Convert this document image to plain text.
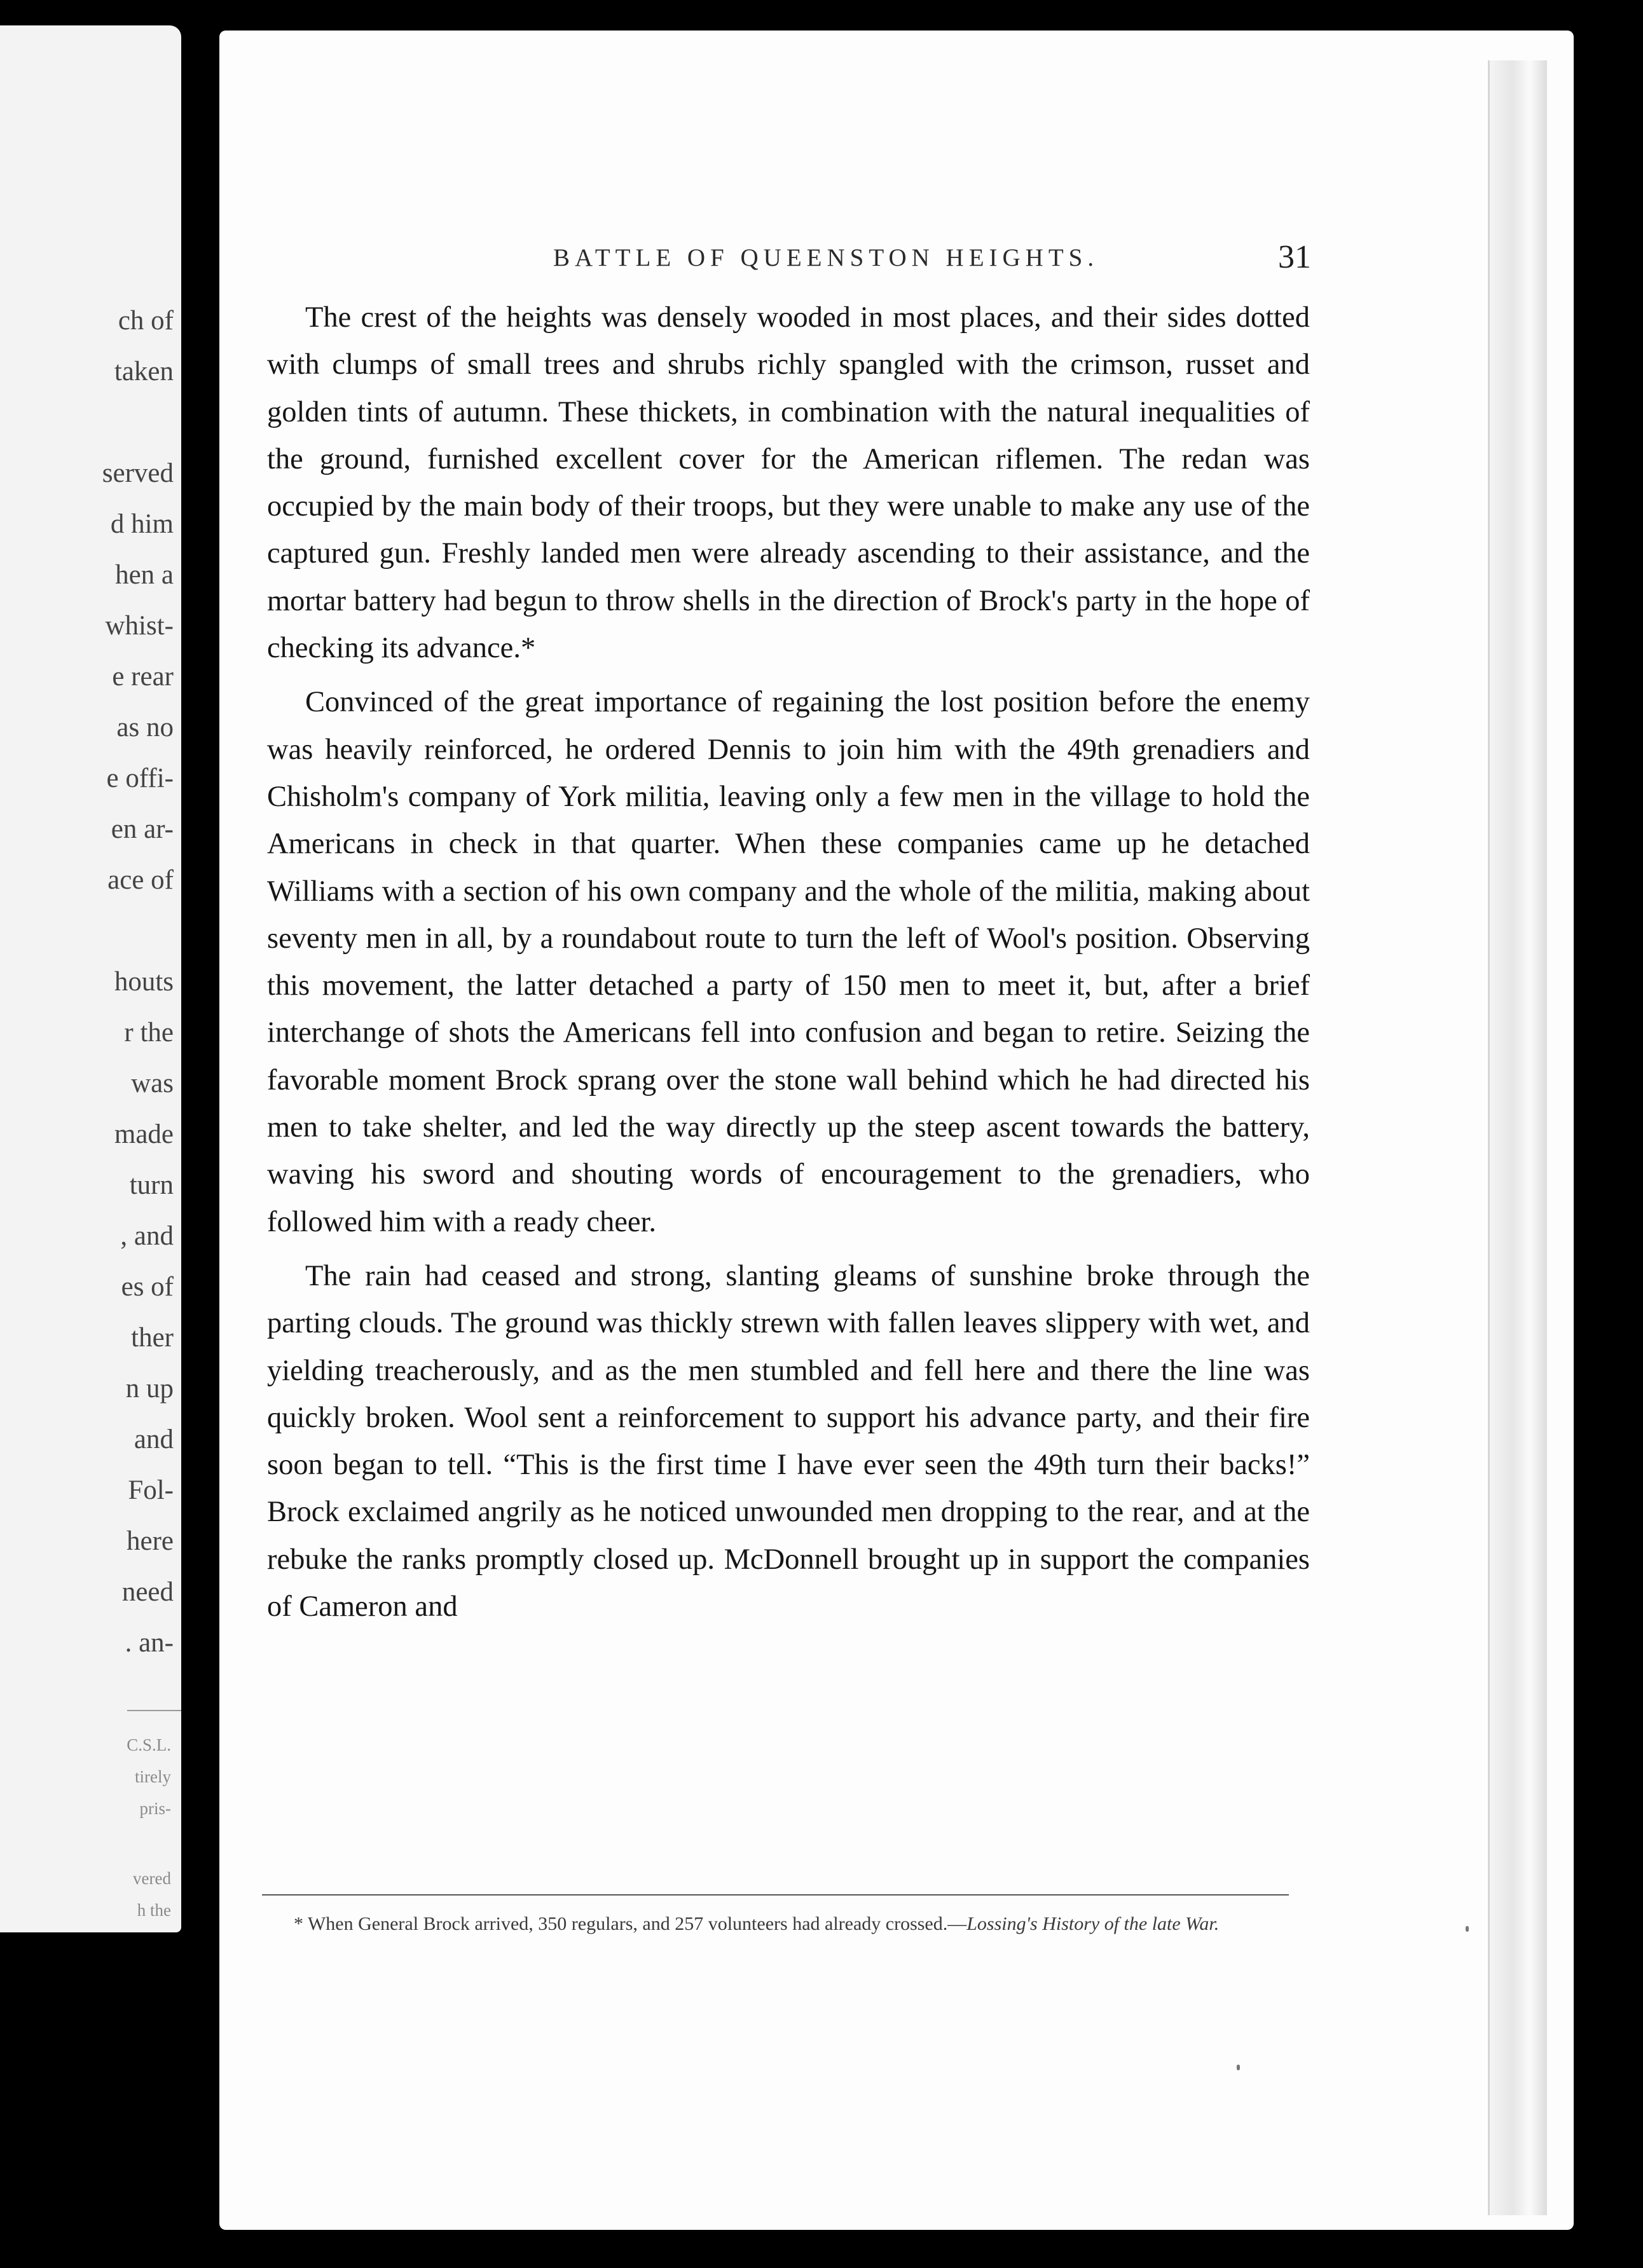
ch of
taken
served
d him
hen a
whist-
e rear
as no
e offi-
en ar-
ace of
houts
r the
was
made
turn
, and
es of
ther
n up
and
Fol-
here
need
. an-
C.S.L.
tirely
pris-
vered
h the
BATTLE OF QUEENSTON HEIGHTS.	31

The crest of the heights was densely wooded in most places, and their sides dotted with clumps of small trees and shrubs richly spangled with the crimson, russet and golden tints of autumn. These thickets, in combination with the natural inequalities of the ground, furnished excellent cover for the American riflemen. The redan was occupied by the main body of their troops, but they were unable to make any use of the captured gun. Freshly landed men were already ascending to their assistance, and the mortar battery had begun to throw shells in the direction of Brock's party in the hope of checking its advance.*

Convinced of the great importance of regaining the lost position before the enemy was heavily reinforced, he ordered Dennis to join him with the 49th grenadiers and Chisholm's company of York militia, leaving only a few men in the village to hold the Americans in check in that quarter. When these companies came up he detached Williams with a section of his own company and the whole of the militia, making about seventy men in all, by a roundabout route to turn the left of Wool's position. Observing this movement, the latter detached a party of 150 men to meet it, but, after a brief interchange of shots the Americans fell into confusion and began to retire. Seizing the favorable moment Brock sprang over the stone wall behind which he had directed his men to take shelter, and led the way directly up the steep ascent towards the battery, waving his sword and shouting words of encouragement to the grenadiers, who followed him with a ready cheer.

The rain had ceased and strong, slanting gleams of sunshine broke through the parting clouds. The ground was thickly strewn with fallen leaves slippery with wet, and yielding treacherously, and as the men stumbled and fell here and there the line was quickly broken. Wool sent a reinforcement to support his advance party, and their fire soon began to tell. “This is the first time I have ever seen the 49th turn their backs!” Brock exclaimed angrily as he noticed unwounded men dropping to the rear, and at the rebuke the ranks promptly closed up. McDonnell brought up in support the companies of Cameron and

* When General Brock arrived, 350 regulars, and 257 volunteers had already crossed.—Lossing's History of the late War.
